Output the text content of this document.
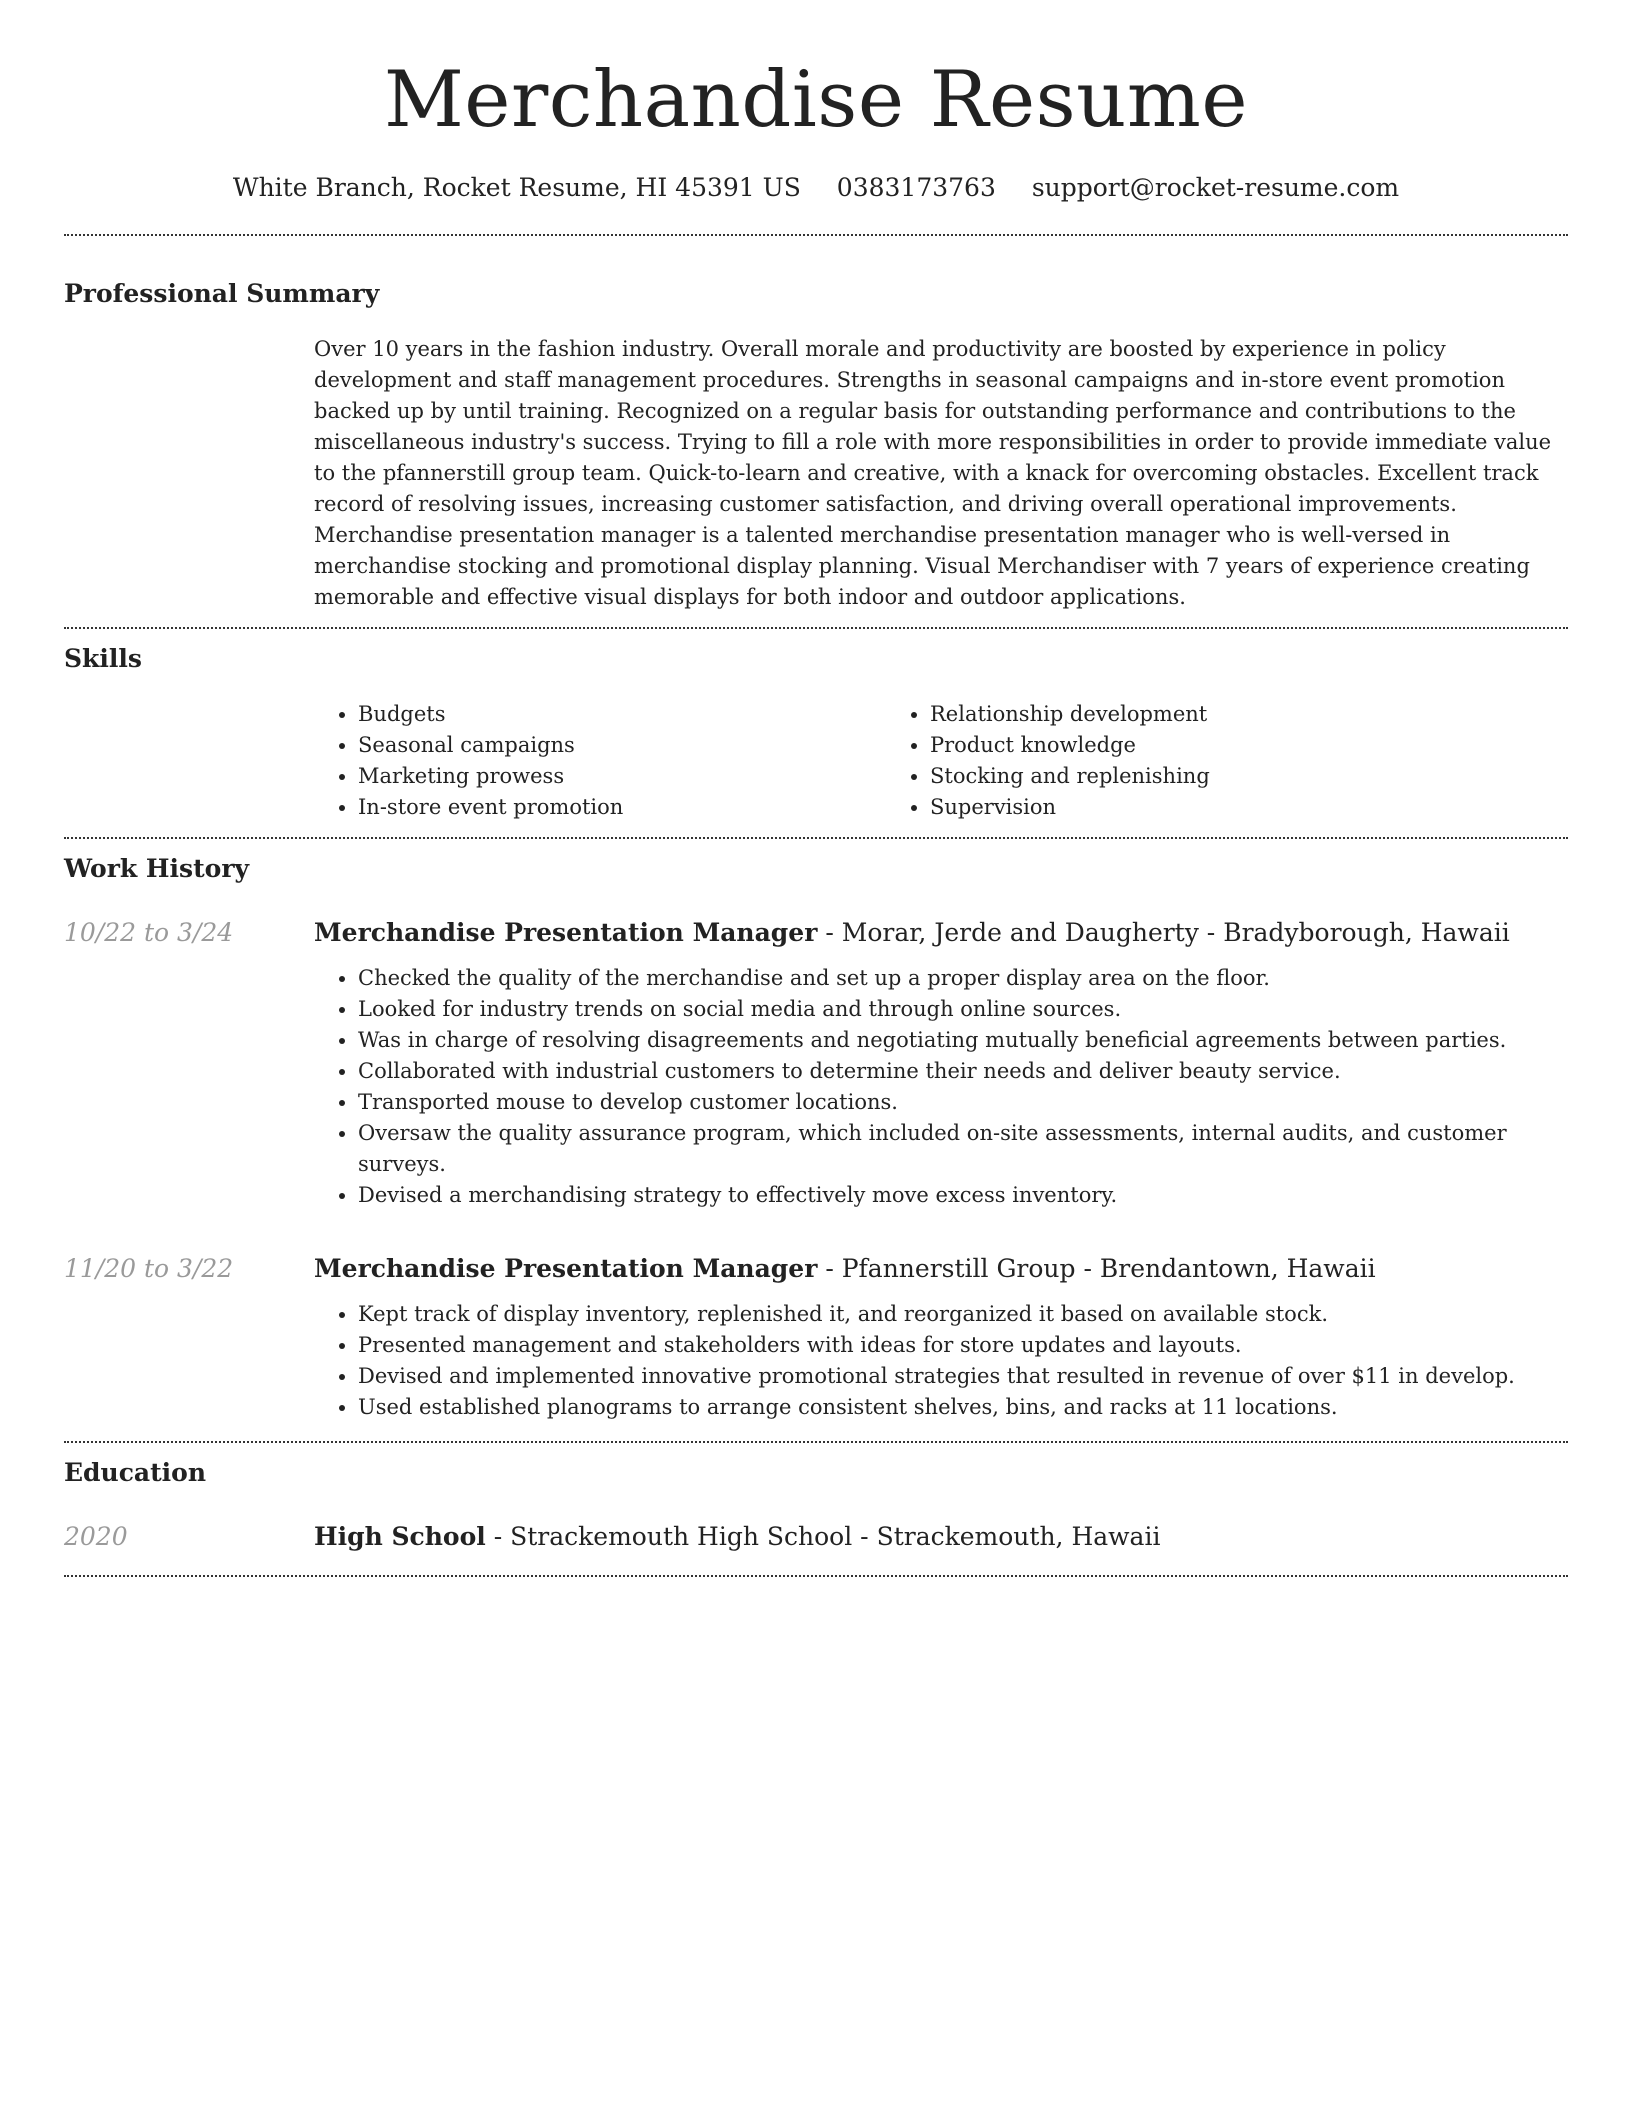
Merchandise Resume
White Branch, Rocket Resume, HI 45391 US 0383173763 support@rocket-resume.com
Professional Summary
Over 10 years in the fashion industry. Overall morale and productivity are boosted by experience in policy development and staff management procedures. Strengths in seasonal campaigns and in-store event promotion backed up by until training. Recognized on a regular basis for outstanding performance and contributions to the miscellaneous industry's success. Trying to fill a role with more responsibilities in order to provide immediate value to the pfannerstill group team. Quick-to-learn and creative, with a knack for overcoming obstacles. Excellent track record of resolving issues, increasing customer satisfaction, and driving overall operational improvements. Merchandise presentation manager is a talented merchandise presentation manager who is well-versed in merchandise stocking and promotional display planning. Visual Merchandiser with 7 years of experience creating memorable and effective visual displays for both indoor and outdoor applications.
Skills
• Budgets
• Seasonal campaigns
• Marketing prowess
• In-store event promotion
• Relationship development
• Product knowledge
• Stocking and replenishing
• Supervision
Work History
10/22 to 3/24	Merchandise Presentation Manager - Morar, Jerde and Daugherty - Bradyborough, Hawaii
• Checked the quality of the merchandise and set up a proper display area on the floor.
• Looked for industry trends on social media and through online sources.
• Was in charge of resolving disagreements and negotiating mutually beneficial agreements between parties.
• Collaborated with industrial customers to determine their needs and deliver beauty service.
• Transported mouse to develop customer locations.
• Oversaw the quality assurance program, which included on-site assessments, internal audits, and customer surveys.
• Devised a merchandising strategy to effectively move excess inventory.
11/20 to 3/22	Merchandise Presentation Manager - Pfannerstill Group - Brendantown, Hawaii
• Kept track of display inventory, replenished it, and reorganized it based on available stock.
• Presented management and stakeholders with ideas for store updates and layouts.
• Devised and implemented innovative promotional strategies that resulted in revenue of over $11 in develop.
• Used established planograms to arrange consistent shelves, bins, and racks at 11 locations.
Education
2020	High School - Strackemouth High School - Strackemouth, Hawaii
